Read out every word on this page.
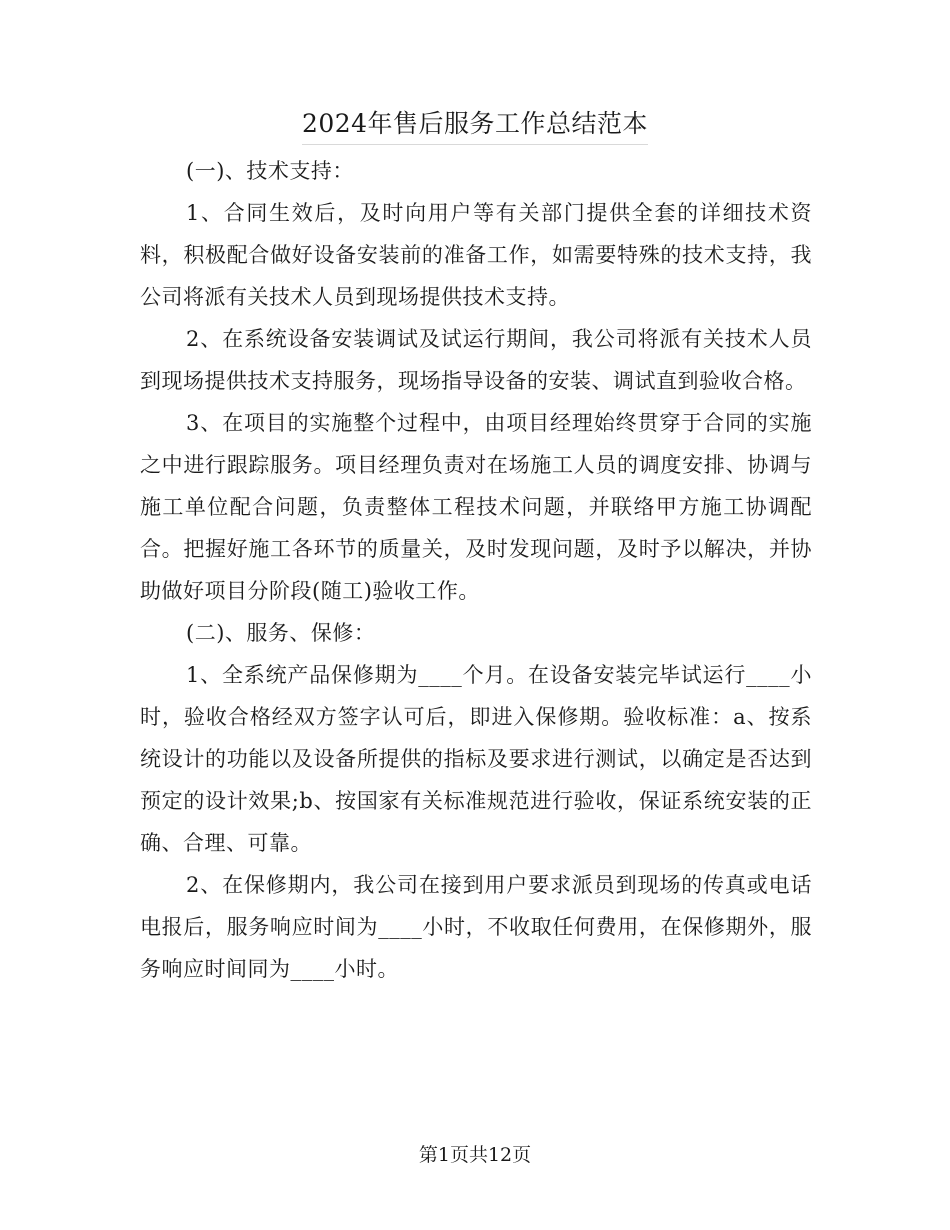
2024年售后服务工作总结范本

(一)、技术支持：

1、合同生效后，及时向用户等有关部门提供全套的详细技术资料，积极配合做好设备安装前的准备工作，如需要特殊的技术支持，我公司将派有关技术人员到现场提供技术支持。

2、在系统设备安装调试及试运行期间，我公司将派有关技术人员到现场提供技术支持服务，现场指导设备的安装、调试直到验收合格。

3、在项目的实施整个过程中，由项目经理始终贯穿于合同的实施之中进行跟踪服务。项目经理负责对在场施工人员的调度安排、协调与施工单位配合问题，负责整体工程技术问题，并联络甲方施工协调配合。把握好施工各环节的质量关，及时发现问题，及时予以解决，并协助做好项目分阶段(随工)验收工作。

(二)、服务、保修：

1、全系统产品保修期为____个月。在设备安装完毕试运行____小时，验收合格经双方签字认可后，即进入保修期。验收标准：a、按系统设计的功能以及设备所提供的指标及要求进行测试，以确定是否达到预定的设计效果;b、按国家有关标准规范进行验收，保证系统安装的正确、合理、可靠。

2、在保修期内，我公司在接到用户要求派员到现场的传真或电话电报后，服务响应时间为____小时，不收取任何费用，在保修期外，服务响应时间同为____小时。

第1页共12页
